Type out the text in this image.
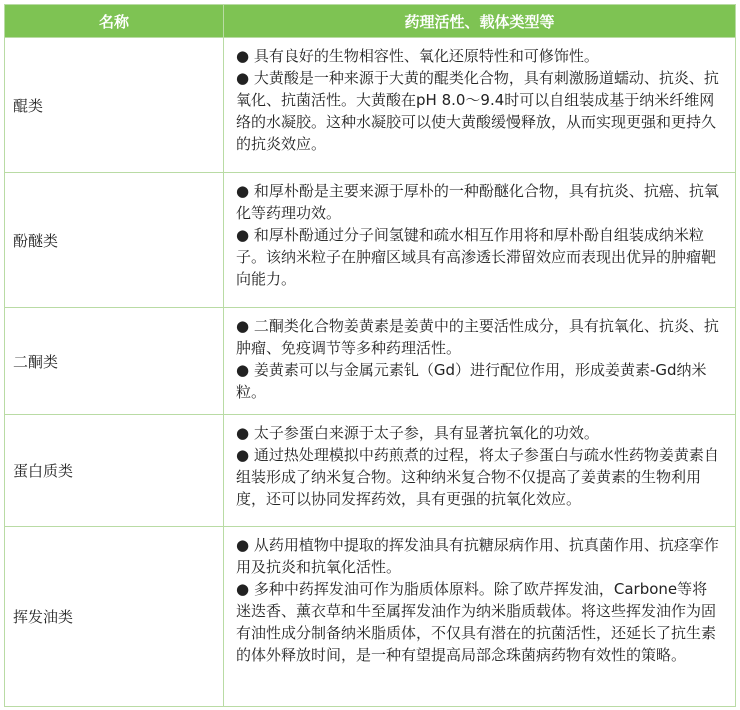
名称	药理活性、载体类型等
醌类	● 具有良好的生物相容性、氧化还原特性和可修饰性。

● 大黄酸是一种来源于大黄的醌类化合物，具有刺激肠道蠕动、抗炎、抗氧化、抗菌活性。大黄酸在pH 8.0～9.4时可以自组装成基于纳米纤维网络的水凝胶。这种水凝胶可以使大黄酸缓慢释放，从而实现更强和更持久的抗炎效应。

酚醚类	● 和厚朴酚是主要来源于厚朴的一种酚醚化合物，具有抗炎、抗癌、抗氧化等药理功效。

● 和厚朴酚通过分子间氢键和疏水相互作用将和厚朴酚自组装成纳米粒子。该纳米粒子在肿瘤区域具有高渗透长滞留效应而表现出优异的肿瘤靶向能力。

二酮类	● 二酮类化合物姜黄素是姜黄中的主要活性成分，具有抗氧化、抗炎、抗肿瘤、免疫调节等多种药理活性。

● 姜黄素可以与金属元素钆（Gd）进行配位作用，形成姜黄素-Gd纳米粒。

蛋白质类	● 太子参蛋白来源于太子参，具有显著抗氧化的功效。

● 通过热处理模拟中药煎煮的过程，将太子参蛋白与疏水性药物姜黄素自组装形成了纳米复合物。这种纳米复合物不仅提高了姜黄素的生物利用度，还可以协同发挥药效，具有更强的抗氧化效应。

挥发油类	● 从药用植物中提取的挥发油具有抗糖尿病作用、抗真菌作用、抗痉挛作用及抗炎和抗氧化活性。

● 多种中药挥发油可作为脂质体原料。除了欧芹挥发油，Carbone等将迷迭香、薰衣草和牛至属挥发油作为纳米脂质载体。将这些挥发油作为固有油性成分制备纳米脂质体，不仅具有潜在的抗菌活性，还延长了抗生素的体外释放时间，是一种有望提高局部念珠菌病药物有效性的策略。
